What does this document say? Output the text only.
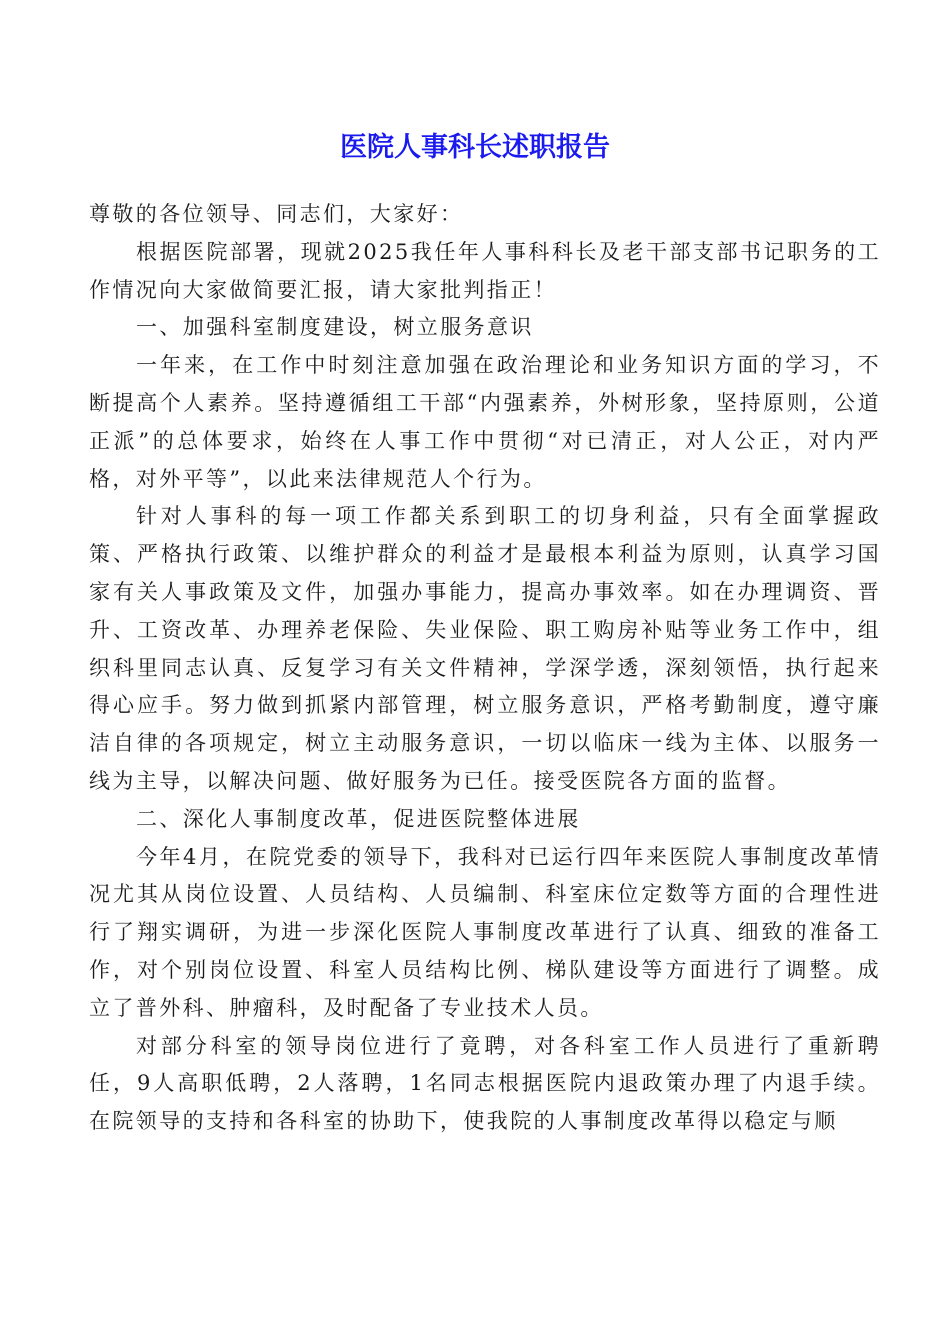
医院人事科长述职报告

尊敬的各位领导、同志们，大家好：

根据医院部署，现就2025我任年人事科科长及老干部支部书记职务的工作情况向大家做简要汇报，请大家批判指正！

一、加强科室制度建设，树立服务意识

一年来，在工作中时刻注意加强在政治理论和业务知识方面的学习，不断提高个人素养。坚持遵循组工干部“内强素养，外树形象，坚持原则，公道正派”的总体要求，始终在人事工作中贯彻“对已清正，对人公正，对内严格，对外平等”，以此来法律规范人个行为。

针对人事科的每一项工作都关系到职工的切身利益，只有全面掌握政策、严格执行政策、以维护群众的利益才是最根本利益为原则，认真学习国家有关人事政策及文件，加强办事能力，提高办事效率。如在办理调资、晋升、工资改革、办理养老保险、失业保险、职工购房补贴等业务工作中，组织科里同志认真、反复学习有关文件精神，学深学透，深刻领悟，执行起来得心应手。努力做到抓紧内部管理，树立服务意识，严格考勤制度，遵守廉洁自律的各项规定，树立主动服务意识，一切以临床一线为主体、以服务一线为主导，以解决问题、做好服务为已任。接受医院各方面的监督。

二、深化人事制度改革，促进医院整体进展

今年4月，在院党委的领导下，我科对已运行四年来医院人事制度改革情况尤其从岗位设置、人员结构、人员编制、科室床位定数等方面的合理性进行了翔实调研，为进一步深化医院人事制度改革进行了认真、细致的准备工作，对个别岗位设置、科室人员结构比例、梯队建设等方面进行了调整。成立了普外科、肿瘤科，及时配备了专业技术人员。

对部分科室的领导岗位进行了竟聘，对各科室工作人员进行了重新聘任，9人高职低聘，2人落聘，1名同志根据医院内退政策办理了内退手续。在院领导的支持和各科室的协助下，使我院的人事制度改革得以稳定与顺
